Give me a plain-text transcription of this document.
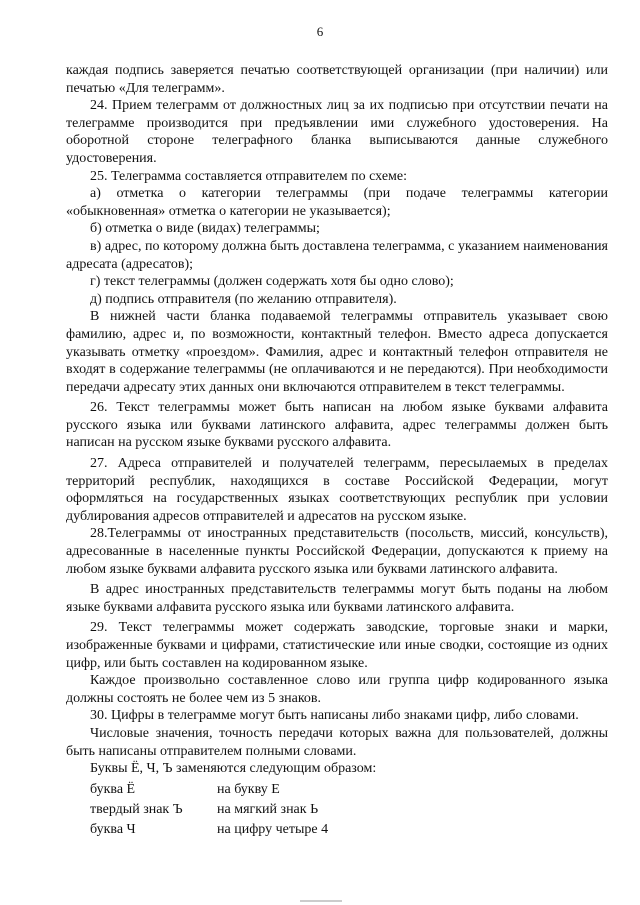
6

каждая подпись заверяется печатью соответствующей организации (при наличии) или печатью «Для телеграмм».

24. Прием телеграмм от должностных лиц за их подписью при отсутствии печати на телеграмме производится при предъявлении ими служебного удостоверения. На оборотной стороне телеграфного бланка выписываются данные служебного удостоверения.

25. Телеграмма составляется отправителем по схеме:

а) отметка о категории телеграммы (при подаче телеграммы категории «обыкновенная» отметка о категории не указывается);

б) отметка о виде (видах) телеграммы;

в) адрес, по которому должна быть доставлена телеграмма, с указанием наименования адресата (адресатов);

г) текст телеграммы (должен содержать хотя бы одно слово);

д) подпись отправителя (по желанию отправителя).

В нижней части бланка подаваемой телеграммы отправитель указывает свою фамилию, адрес и, по возможности, контактный телефон. Вместо адреса допускается указывать отметку «проездом». Фамилия, адрес и контактный телефон отправителя не входят в содержание телеграммы (не оплачиваются и не передаются). При необходимости передачи адресату этих данных они включаются отправителем в текст телеграммы.

26. Текст телеграммы может быть написан на любом языке буквами алфавита русского языка или буквами латинского алфавита, адрес телеграммы должен быть написан на русском языке буквами русского алфавита.

27. Адреса отправителей и получателей телеграмм, пересылаемых в пределах территорий республик, находящихся в составе Российской Федерации, могут оформляться на государственных языках соответствующих республик при условии дублирования адресов отправителей и адресатов на русском языке.

28.Телеграммы от иностранных представительств (посольств, миссий, консульств), адресованные в населенные пункты Российской Федерации, допускаются к приему на любом языке буквами алфавита русского языка или буквами латинского алфавита.

В адрес иностранных представительств телеграммы могут быть поданы на любом языке буквами алфавита русского языка или буквами латинского алфавита.

29. Текст телеграммы может содержать заводские, торговые знаки и марки, изображенные буквами и цифрами, статистические или иные сводки, состоящие из одних цифр, или быть составлен на кодированном языке.

Каждое произвольно составленное слово или группа цифр кодированного языка должны состоять не более чем из 5 знаков.

30. Цифры в телеграмме могут быть написаны либо знаками цифр, либо словами.

Числовые значения, точность передачи которых важна для пользователей, должны быть написаны отправителем полными словами.

Буквы Ё, Ч, Ъ заменяются следующим образом:

буква Ё	на букву Е
твердый знак Ъ	на мягкий знак Ь
буква Ч	на цифру четыре 4
